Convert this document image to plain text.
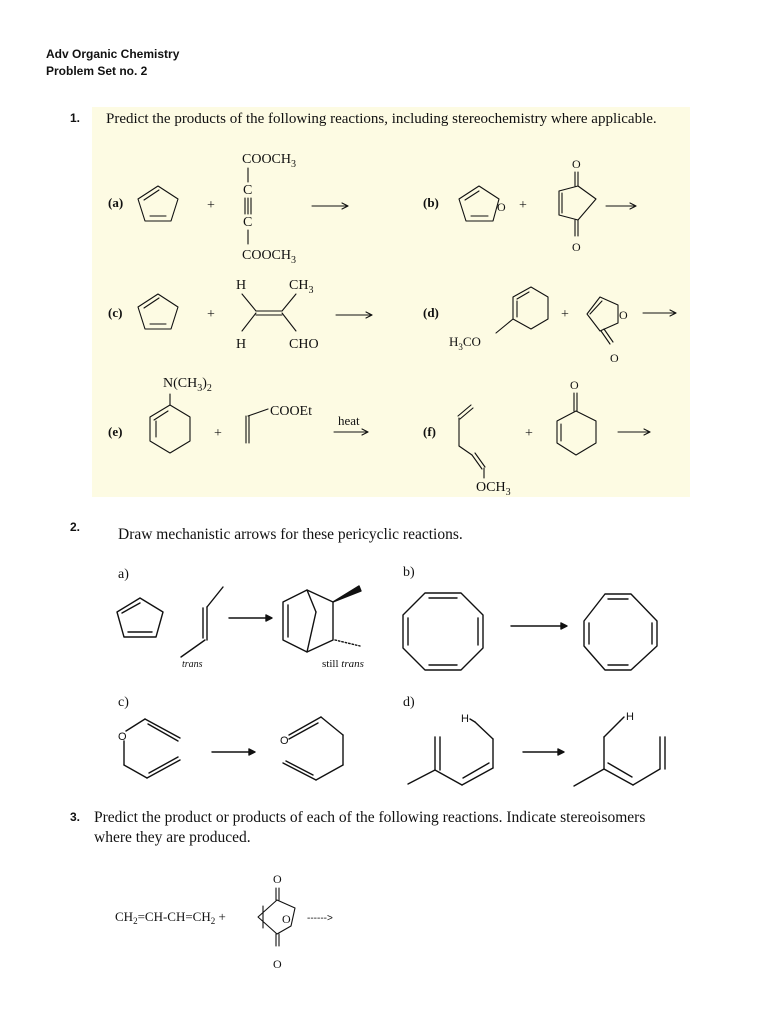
Adv Organic Chemistry
Problem Set no. 2
1. Predict the products of the following reactions, including stereochemistry where applicable.
2. Draw mechanistic arrows for these pericyclic reactions.
3. Predict the product or products of each of the following reactions. Indicate stereoisomers
where they are produced.
(a)	+
$COOCH_3$
C
C
$COOCH_3$
(b)	O +
O
O
(c)	+
H	$CH_3$
H	CHO
(d)
$H_3CO$
+	O
O
(e)
$N(CH_3)_2$
+
COOEt
heat
(f)
$OCH_3$
+
O
a)
trans	still trans
b)
c)
O	O
d)
H	H
$CH_2=CH-CH=CH_2$ +
O
O
O
------>
